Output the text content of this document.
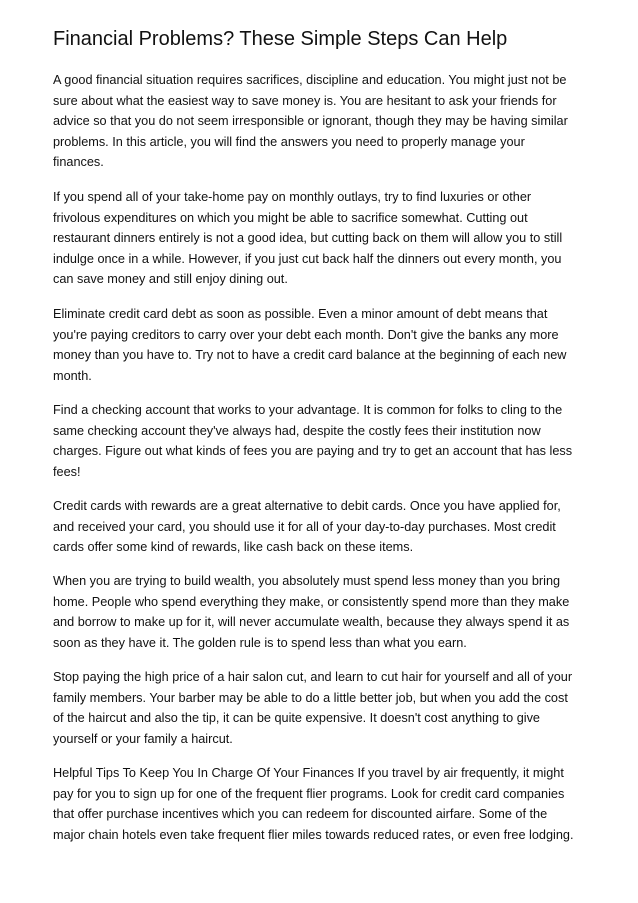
Financial Problems? These Simple Steps Can Help

A good financial situation requires sacrifices, discipline and education. You might just not be
sure about what the easiest way to save money is. You are hesitant to ask your friends for
advice so that you do not seem irresponsible or ignorant, though they may be having similar
problems. In this article, you will find the answers you need to properly manage your
finances.

If you spend all of your take-home pay on monthly outlays, try to find luxuries or other
frivolous expenditures on which you might be able to sacrifice somewhat. Cutting out
restaurant dinners entirely is not a good idea, but cutting back on them will allow you to still
indulge once in a while. However, if you just cut back half the dinners out every month, you
can save money and still enjoy dining out.

Eliminate credit card debt as soon as possible. Even a minor amount of debt means that
you're paying creditors to carry over your debt each month. Don't give the banks any more
money than you have to. Try not to have a credit card balance at the beginning of each new
month.

Find a checking account that works to your advantage. It is common for folks to cling to the
same checking account they've always had, despite the costly fees their institution now
charges. Figure out what kinds of fees you are paying and try to get an account that has less
fees!

Credit cards with rewards are a great alternative to debit cards. Once you have applied for,
and received your card, you should use it for all of your day-to-day purchases. Most credit
cards offer some kind of rewards, like cash back on these items.

When you are trying to build wealth, you absolutely must spend less money than you bring
home. People who spend everything they make, or consistently spend more than they make
and borrow to make up for it, will never accumulate wealth, because they always spend it as
soon as they have it. The golden rule is to spend less than what you earn.

Stop paying the high price of a hair salon cut, and learn to cut hair for yourself and all of your
family members. Your barber may be able to do a little better job, but when you add the cost
of the haircut and also the tip, it can be quite expensive. It doesn't cost anything to give
yourself or your family a haircut.

Helpful Tips To Keep You In Charge Of Your Finances If you travel by air frequently, it might
pay for you to sign up for one of the frequent flier programs. Look for credit card companies
that offer purchase incentives which you can redeem for discounted airfare. Some of the
major chain hotels even take frequent flier miles towards reduced rates, or even free lodging.
